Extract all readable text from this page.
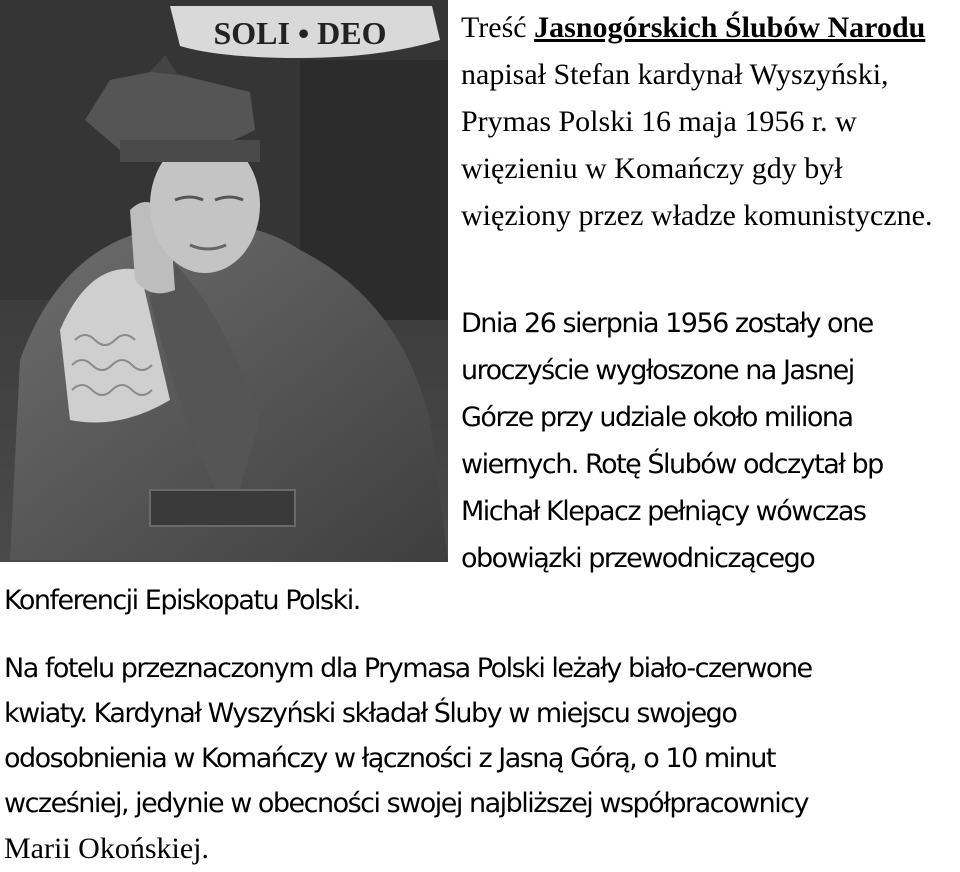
SOLI • DEO Treść Jasnogórskich Ślubów Narodu napisał Stefan kardynał Wyszyński, Prymas Polski 16 maja 1956 r. w więzieniu w Komańczy gdy był więziony przez władze komunistyczne.

Dnia 26 sierpnia 1956 zostały one
uroczyście wygłoszone na Jasnej
Górze przy udziale około miliona
wiernych. Rotę Ślubów odczytał bp
Michał Klepacz pełniący wówczas
obowiązki przewodniczącego

Konferencji Episkopatu Polski.

Na fotelu przeznaczonym dla Prymasa Polski leżały biało-czerwone
kwiaty. Kardynał Wyszyński składał Śluby w miejscu swojego
odosobnienia w Komańczy w łączności z Jasną Górą, o 10 minut
wcześniej, jedynie w obecności swojej najbliższej współpracownicy
Marii Okońskiej.
